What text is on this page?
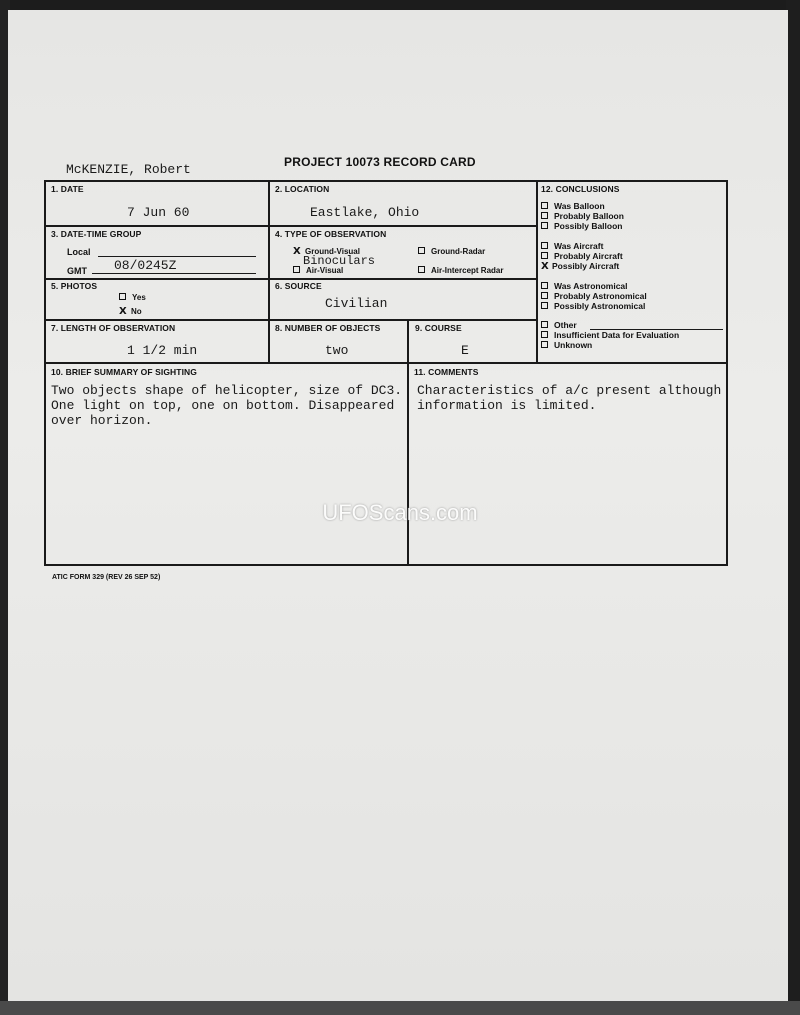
McKENZIE, Robert	PROJECT 10073 RECORD CARD
1. DATE
7 Jun 60
2. LOCATION
Eastlake, Ohio
3. DATE-TIME GROUP
Local
GMT 08/0245Z
4. TYPE OF OBSERVATION
X Ground-Visual
Binoculars
Air-Visual
Ground-Radar
Air-Intercept Radar
5. PHOTOS
Yes
X No
6. SOURCE
Civilian
7. LENGTH OF OBSERVATION
1 1/2 min
8. NUMBER OF OBJECTS
two
9. COURSE
E
10. BRIEF SUMMARY OF SIGHTING
Two objects shape of helicopter, size of DC3.
One light on top, one on bottom. Disappeared
over horizon.
11. COMMENTS
Characteristics of a/c present although
information is limited.
12. CONCLUSIONS
Was Balloon
Probably Balloon
Possibly Balloon
Was Aircraft
Probably Aircraft
X Possibly Aircraft
Was Astronomical
Probably Astronomical
Possibly Astronomical
Other
Insufficient Data for Evaluation
Unknown
ATIC FORM 329 (REV 26 SEP 52)
UFOScans.com
